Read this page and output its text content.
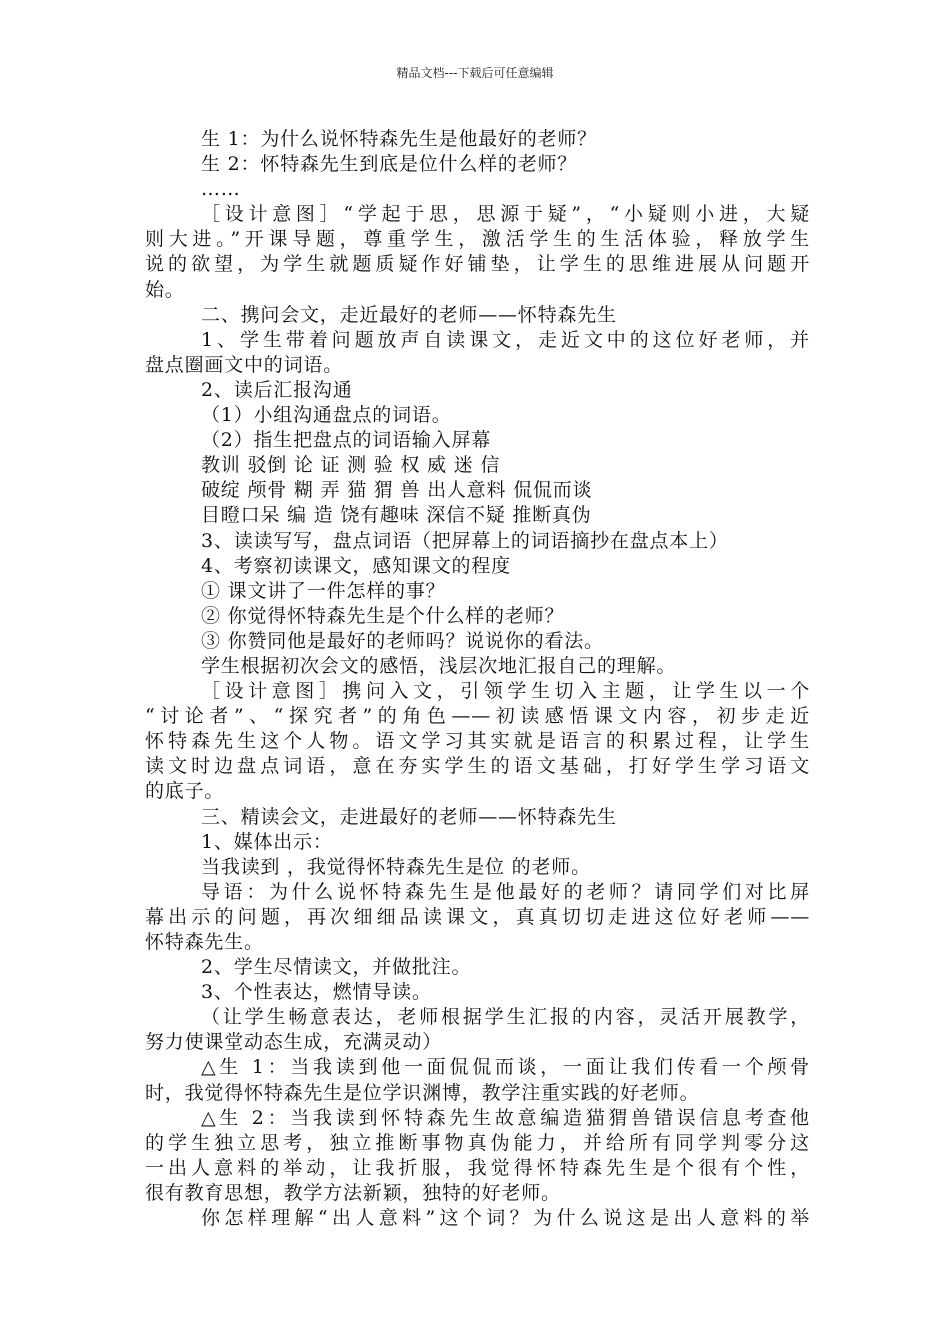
精品文档---下载后可任意编辑
生 1：为什么说怀特森先生是他最好的老师？
生 2：怀特森先生到底是位什么样的老师？
……
［设计意图］“学起于思，思源于疑”，“小疑则小进，大疑
则大进。”开课导题，尊重学生，激活学生的生活体验，释放学生
说的欲望，为学生就题质疑作好铺垫，让学生的思维进展从问题开
始。
二、携问会文，走近最好的老师——怀特森先生
1、学生带着问题放声自读课文，走近文中的这位好老师，并
盘点圈画文中的词语。
2、读后汇报沟通
（1）小组沟通盘点的词语。
（2）指生把盘点的词语输入屏幕
教训 驳倒 论 证 测 验 权 威 迷 信
破绽 颅骨 糊 弄 猫 猬 兽 出人意料 侃侃而谈
目瞪口呆 编 造 饶有趣味 深信不疑 推断真伪
3、读读写写，盘点词语（把屏幕上的词语摘抄在盘点本上）
4、考察初读课文，感知课文的程度
① 课文讲了一件怎样的事？
② 你觉得怀特森先生是个什么样的老师？
③ 你赞同他是最好的老师吗？说说你的看法。
学生根据初次会文的感悟，浅层次地汇报自己的理解。
［设计意图］携问入文，引领学生切入主题，让学生以一个
“讨论者”、“探究者”的角色——初读感悟课文内容，初步走近
怀特森先生这个人物。语文学习其实就是语言的积累过程，让学生
读文时边盘点词语，意在夯实学生的语文基础，打好学生学习语文
的底子。
三、精读会文，走进最好的老师——怀特森先生
1、媒体出示：
当我读到 ，我觉得怀特森先生是位 的老师。
导语：为什么说怀特森先生是他最好的老师？请同学们对比屏
幕出示的问题，再次细细品读课文，真真切切走进这位好老师——
怀特森先生。
2、学生尽情读文，并做批注。
3、个性表达，燃情导读。
（让学生畅意表达，老师根据学生汇报的内容，灵活开展教学，
努力使课堂动态生成，充满灵动）
△生 1：当我读到他一面侃侃而谈，一面让我们传看一个颅骨
时，我觉得怀特森先生是位学识渊博，教学注重实践的好老师。
△生 2：当我读到怀特森先生故意编造猫猬兽错误信息考查他
的学生独立思考，独立推断事物真伪能力，并给所有同学判零分这
一出人意料的举动，让我折服，我觉得怀特森先生是个很有个性，
很有教育思想，教学方法新颖，独特的好老师。
你怎样理解“出人意料”这个词？为什么说这是出人意料的举
